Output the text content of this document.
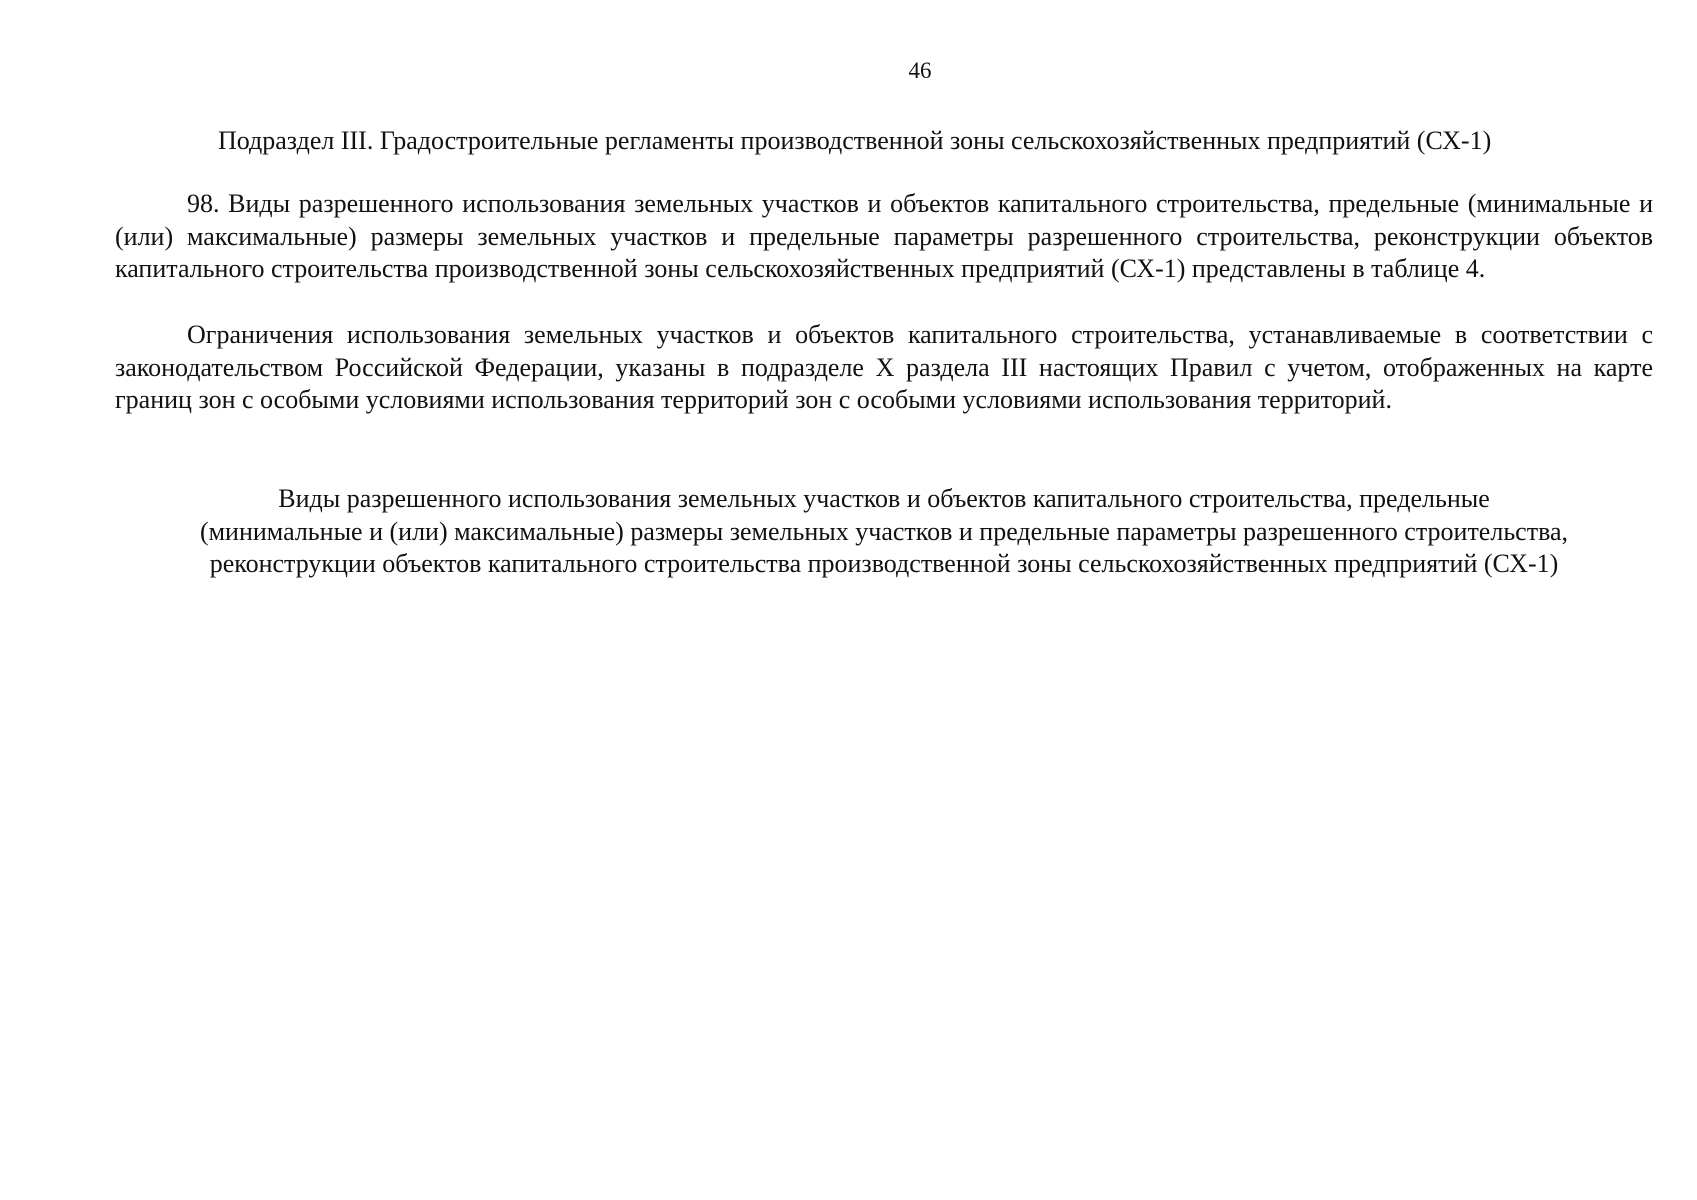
46
Подраздел III. Градостроительные регламенты производственной зоны сельскохозяйственных предприятий (СХ-1)

98. Виды разрешенного использования земельных участков и объектов капитального строительства, предельные (минимальные и (или) максимальные) размеры земельных участков и предельные параметры разрешенного строительства, реконструкции объектов капитального строительства производственной зоны сельскохозяйственных предприятий (СХ-1) представлены в таблице 4.

Ограничения использования земельных участков и объектов капитального строительства, устанавливаемые в соответствии с законодательством Российской Федерации, указаны в подразделе X раздела III настоящих Правил с учетом, отображенных на карте границ зон с особыми условиями использования территорий зон с особыми условиями использования территорий.

Виды разрешенного использования земельных участков и объектов капитального строительства, предельные
(минимальные и (или) максимальные) размеры земельных участков и предельные параметры разрешенного строительства,
реконструкции объектов капитального строительства производственной зоны сельскохозяйственных предприятий (СХ-1)
